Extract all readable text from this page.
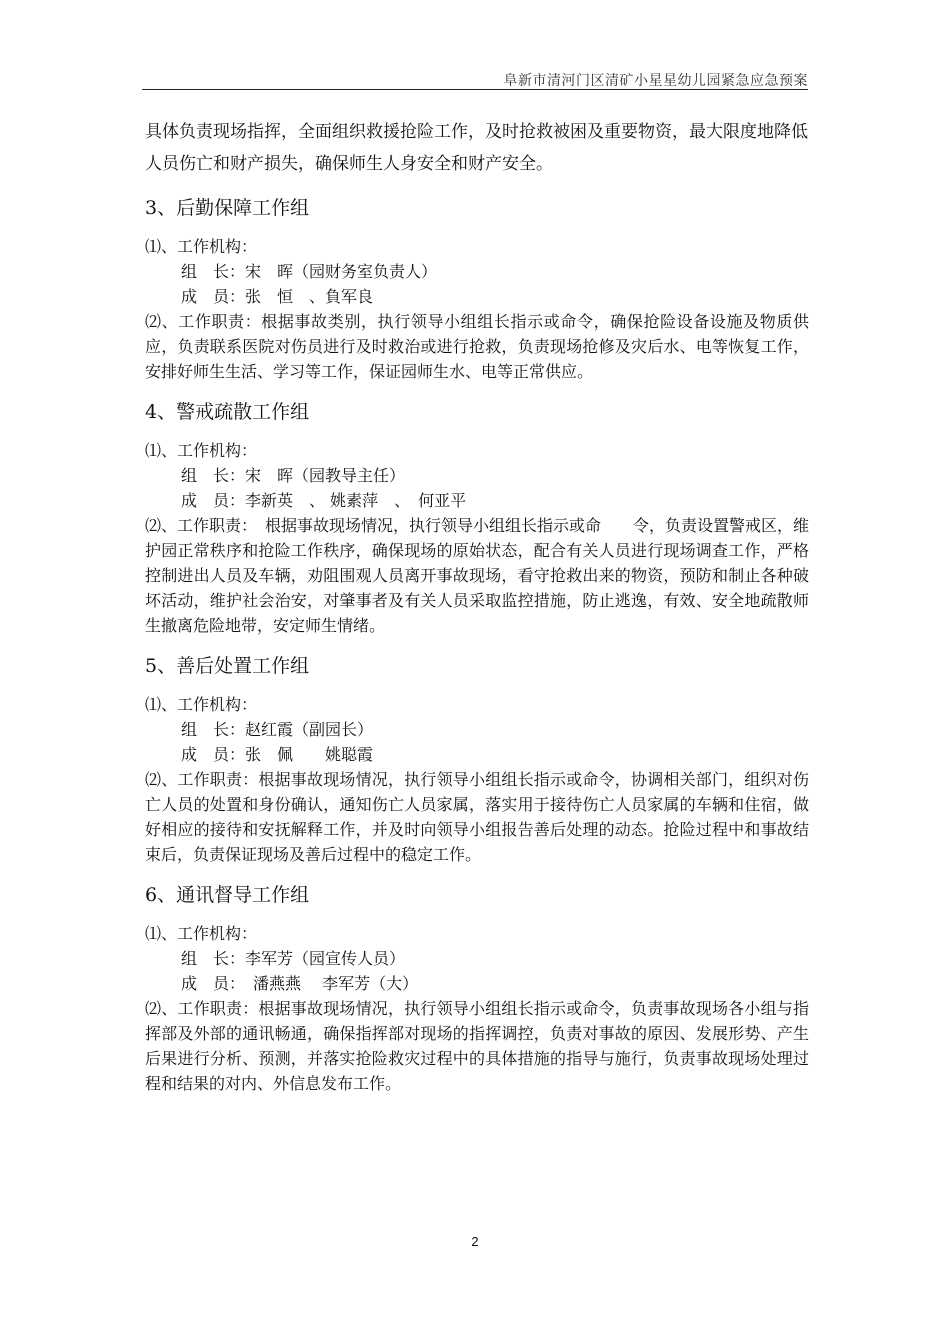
阜新市清河门区清矿小星星幼儿园紧急应急预案

具体负责现场指挥，全面组织救援抢险工作，及时抢救被困及重要物资，最大限度地降低人员伤亡和财产损失，确保师生人身安全和财产安全。

3、后勤保障工作组

⑴、工作机构：

组　长：宋　晖（园财务室负责人）

成　员：张　恒　、負军良

⑵、工作职责：根据事故类别，执行领导小组组长指示或命令，确保抢险设备设施及物质供应，负责联系医院对伤员进行及时救治或进行抢救，负责现场抢修及灾后水、电等恢复工作，安排好师生生活、学习等工作，保证园师生水、电等正常供应。

4、警戒疏散工作组

⑴、工作机构：

组　长：宋　晖（园教导主任）

成　员：李新英　、 姚素萍　、　何亚平

⑵、工作职责：　根据事故现场情况，执行领导小组组长指示或命　　令，负责设置警戒区，维护园正常秩序和抢险工作秩序，确保现场的原始状态，配合有关人员进行现场调查工作，严格控制进出人员及车辆，劝阻围观人员离开事故现场，看守抢救出来的物资，预防和制止各种破坏活动，维护社会治安，对肇事者及有关人员采取监控措施，防止逃逸，有效、安全地疏散师生撤离危险地带，安定师生情绪。

5、善后处置工作组

⑴、工作机构：

组　长：赵红霞（副园长）

成　员：张　佩　　姚聪霞

⑵、工作职责：根据事故现场情况，执行领导小组组长指示或命令，协调相关部门，组织对伤亡人员的处置和身份确认，通知伤亡人员家属，落实用于接待伤亡人员家属的车辆和住宿，做好相应的接待和安抚解释工作，并及时向领导小组报告善后处理的动态。抢险过程中和事故结束后，负责保证现场及善后过程中的稳定工作。

6、通讯督导工作组

⑴、工作机构：

组　长：李军芳（园宣传人员）

成　员：　潘燕燕　 李军芳（大）

⑵、工作职责：根据事故现场情况，执行领导小组组长指示或命令，负责事故现场各小组与指挥部及外部的通讯畅通，确保指挥部对现场的指挥调控，负责对事故的原因、发展形势、产生后果进行分析、预测，并落实抢险救灾过程中的具体措施的指导与施行，负责事故现场处理过程和结果的对内、外信息发布工作。

2
